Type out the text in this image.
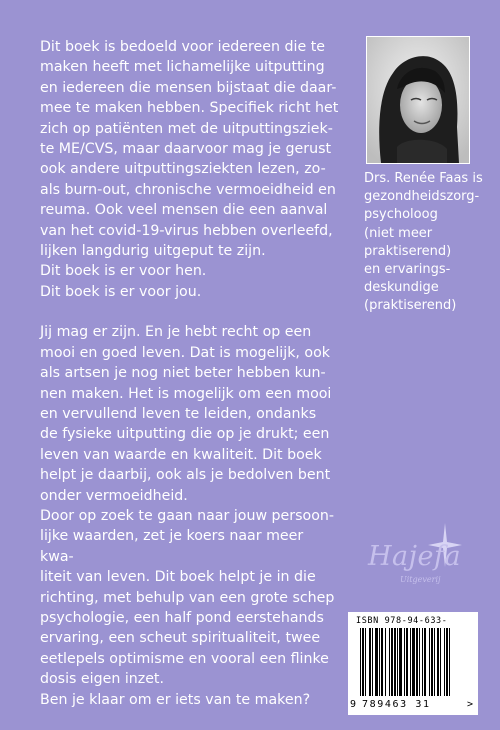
Dit boek is bedoeld voor iedereen die te
maken heeft met lichamelijke uitputting
en iedereen die mensen bijstaat die daar-
mee te maken hebben. Specifiek richt het
zich op patiënten met de uitputtingsziek-
te ME/CVS, maar daarvoor mag je gerust
ook andere uitputtingsziekten lezen, zo-
als burn-out, chronische vermoeidheid en
reuma. Ook veel mensen die een aanval
van het covid-19-virus hebben overleefd,
lijken langdurig uitgeput te zijn.
Dit boek is er voor hen.
Dit boek is er voor jou.

Jij mag er zijn. En je hebt recht op een
mooi en goed leven. Dat is mogelijk, ook
als artsen je nog niet beter hebben kun-
nen maken. Het is mogelijk om een mooi
en vervullend leven te leiden, ondanks
de fysieke uitputting die op je drukt; een
leven van waarde en kwaliteit. Dit boek
helpt je daarbij, ook als je bedolven bent
onder vermoeidheid.

Door op zoek te gaan naar jouw persoon-
lijke waarden, zet je koers naar meer kwa-
liteit van leven. Dit boek helpt je in die
richting, met behulp van een grote schep
psychologie, een half pond eerstehands
ervaring, een scheut spiritualiteit, twee
eetlepels optimisme en vooral een flinke
dosis eigen inzet.
Ben je klaar om er iets van te maken?

Drs. Renée Faas is
gezondheidszorg-
psycholoog
(niet meer
praktiserend)
en ervarings-
deskundige
(praktiserend)
Hajefa
Uitgeverij
ISBN 978-94-633-
9 789463 31	>
